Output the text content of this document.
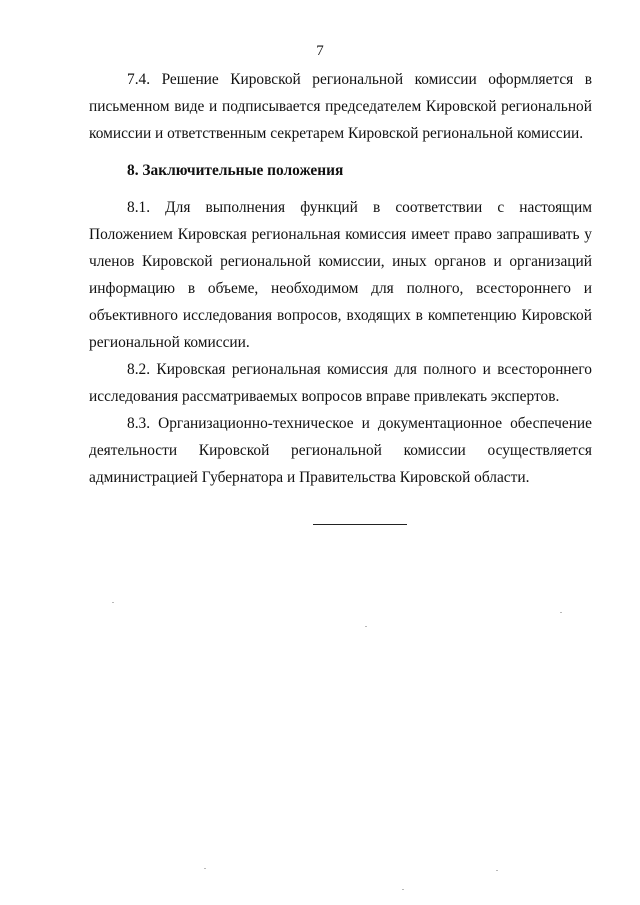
7

7.4. Решение Кировской региональной комиссии оформляется в письменном виде и подписывается председателем Кировской региональной комиссии и ответственным секретарем Кировской региональной комиссии.

8. Заключительные положения

8.1. Для выполнения функций в соответствии с настоящим Положением Кировская региональная комиссия имеет право запрашивать у членов Кировской региональной комиссии, иных органов и организаций информацию в объеме, необходимом для полного, всестороннего и объективного исследования вопросов, входящих в компетенцию Кировской региональной комиссии.

8.2. Кировская региональная комиссия для полного и всестороннего исследования рассматриваемых вопросов вправе привлекать экспертов.

8.3. Организационно-техническое и документационное обеспечение деятельности Кировской региональной комиссии осуществляется администрацией Губернатора и Правительства Кировской области.
